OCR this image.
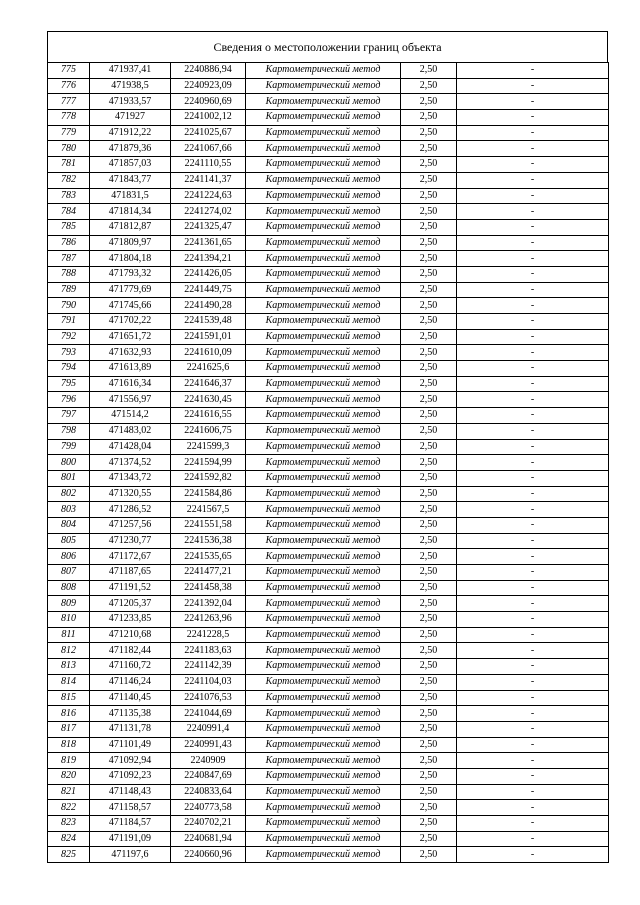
Сведения о местоположении границ объекта
775	471937,41	2240886,94	Картометрический метод	2,50	-
776	471938,5	2240923,09	Картометрический метод	2,50	-
777	471933,57	2240960,69	Картометрический метод	2,50	-
778	471927	2241002,12	Картометрический метод	2,50	-
779	471912,22	2241025,67	Картометрический метод	2,50	-
780	471879,36	2241067,66	Картометрический метод	2,50	-
781	471857,03	2241110,55	Картометрический метод	2,50	-
782	471843,77	2241141,37	Картометрический метод	2,50	-
783	471831,5	2241224,63	Картометрический метод	2,50	-
784	471814,34	2241274,02	Картометрический метод	2,50	-
785	471812,87	2241325,47	Картометрический метод	2,50	-
786	471809,97	2241361,65	Картометрический метод	2,50	-
787	471804,18	2241394,21	Картометрический метод	2,50	-
788	471793,32	2241426,05	Картометрический метод	2,50	-
789	471779,69	2241449,75	Картометрический метод	2,50	-
790	471745,66	2241490,28	Картометрический метод	2,50	-
791	471702,22	2241539,48	Картометрический метод	2,50	-
792	471651,72	2241591,01	Картометрический метод	2,50	-
793	471632,93	2241610,09	Картометрический метод	2,50	-
794	471613,89	2241625,6	Картометрический метод	2,50	-
795	471616,34	2241646,37	Картометрический метод	2,50	-
796	471556,97	2241630,45	Картометрический метод	2,50	-
797	471514,2	2241616,55	Картометрический метод	2,50	-
798	471483,02	2241606,75	Картометрический метод	2,50	-
799	471428,04	2241599,3	Картометрический метод	2,50	-
800	471374,52	2241594,99	Картометрический метод	2,50	-
801	471343,72	2241592,82	Картометрический метод	2,50	-
802	471320,55	2241584,86	Картометрический метод	2,50	-
803	471286,52	2241567,5	Картометрический метод	2,50	-
804	471257,56	2241551,58	Картометрический метод	2,50	-
805	471230,77	2241536,38	Картометрический метод	2,50	-
806	471172,67	2241535,65	Картометрический метод	2,50	-
807	471187,65	2241477,21	Картометрический метод	2,50	-
808	471191,52	2241458,38	Картометрический метод	2,50	-
809	471205,37	2241392,04	Картометрический метод	2,50	-
810	471233,85	2241263,96	Картометрический метод	2,50	-
811	471210,68	2241228,5	Картометрический метод	2,50	-
812	471182,44	2241183,63	Картометрический метод	2,50	-
813	471160,72	2241142,39	Картометрический метод	2,50	-
814	471146,24	2241104,03	Картометрический метод	2,50	-
815	471140,45	2241076,53	Картометрический метод	2,50	-
816	471135,38	2241044,69	Картометрический метод	2,50	-
817	471131,78	2240991,4	Картометрический метод	2,50	-
818	471101,49	2240991,43	Картометрический метод	2,50	-
819	471092,94	2240909	Картометрический метод	2,50	-
820	471092,23	2240847,69	Картометрический метод	2,50	-
821	471148,43	2240833,64	Картометрический метод	2,50	-
822	471158,57	2240773,58	Картометрический метод	2,50	-
823	471184,57	2240702,21	Картометрический метод	2,50	-
824	471191,09	2240681,94	Картометрический метод	2,50	-
825	471197,6	2240660,96	Картометрический метод	2,50	-
